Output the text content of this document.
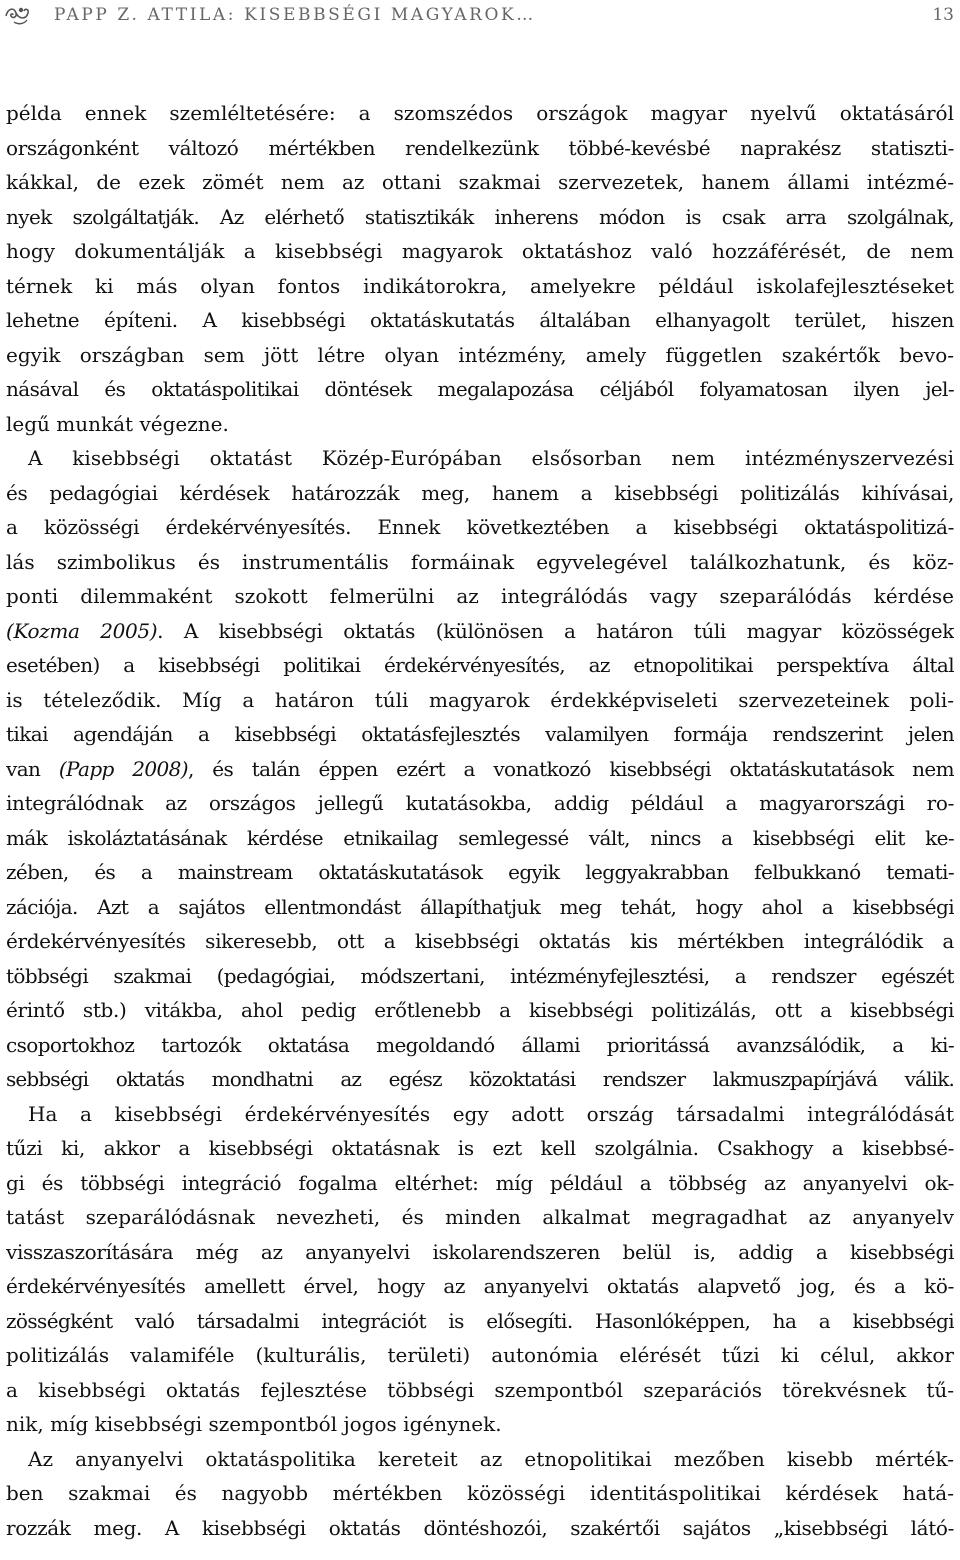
PAPP Z. ATTILA: KISEBBSÉGI MAGYAROK…	13
példa ennek szemléltetésére: a szomszédos országok magyar nyelvű oktatásáról
országonként változó mértékben rendelkezünk többé-kevésbé naprakész statiszti-
kákkal, de ezek zömét nem az ottani szakmai szervezetek, hanem állami intézmé-
nyek szolgáltatják. Az elérhető statisztikák inherens módon is csak arra szolgálnak,
hogy dokumentálják a kisebbségi magyarok oktatáshoz való hozzáférését, de nem
térnek ki más olyan fontos indikátorokra, amelyekre például iskolafejlesztéseket
lehetne építeni. A kisebbségi oktatáskutatás általában elhanyagolt terület, hiszen
egyik országban sem jött létre olyan intézmény, amely független szakértők bevo-
násával és oktatáspolitikai döntések megalapozása céljából folyamatosan ilyen jel-
legű munkát végezne.
A kisebbségi oktatást Közép-Európában elsősorban nem intézményszervezési
és pedagógiai kérdések határozzák meg, hanem a kisebbségi politizálás kihívásai,
a közösségi érdekérvényesítés. Ennek következtében a kisebbségi oktatáspolitizá-
lás szimbolikus és instrumentális formáinak egyvelegével találkozhatunk, és köz-
ponti dilemmaként szokott felmerülni az integrálódás vagy szeparálódás kérdése
(Kozma 2005). A kisebbségi oktatás (különösen a határon túli magyar közösségek
esetében) a kisebbségi politikai érdekérvényesítés, az etnopolitikai perspektíva által
is tételeződik. Míg a határon túli magyarok érdekképviseleti szervezeteinek poli-
tikai agendáján a kisebbségi oktatásfejlesztés valamilyen formája rendszerint jelen
van (Papp 2008), és talán éppen ezért a vonatkozó kisebbségi oktatáskutatások nem
integrálódnak az országos jellegű kutatásokba, addig például a magyarországi ro-
mák iskoláztatásának kérdése etnikailag semlegessé vált, nincs a kisebbségi elit ke-
zében, és a mainstream oktatáskutatások egyik leggyakrabban felbukkanó temati-
zációja. Azt a sajátos ellentmondást állapíthatjuk meg tehát, hogy ahol a kisebbségi
érdekérvényesítés sikeresebb, ott a kisebbségi oktatás kis mértékben integrálódik a
többségi szakmai (pedagógiai, módszertani, intézményfejlesztési, a rendszer egészét
érintő stb.) vitákba, ahol pedig erőtlenebb a kisebbségi politizálás, ott a kisebbségi
csoportokhoz tartozók oktatása megoldandó állami prioritássá avanzsálódik, a ki-
sebbségi oktatás mondhatni az egész közoktatási rendszer lakmuszpapírjává válik.
Ha a kisebbségi érdekérvényesítés egy adott ország társadalmi integrálódását
tűzi ki, akkor a kisebbségi oktatásnak is ezt kell szolgálnia. Csakhogy a kisebbsé-
gi és többségi integráció fogalma eltérhet: míg például a többség az anyanyelvi ok-
tatást szeparálódásnak nevezheti, és minden alkalmat megragadhat az anyanyelv
visszaszorítására még az anyanyelvi iskolarendszeren belül is, addig a kisebbségi
érdekérvényesítés amellett érvel, hogy az anyanyelvi oktatás alapvető jog, és a kö-
zösségként való társadalmi integrációt is elősegíti. Hasonlóképpen, ha a kisebbségi
politizálás valamiféle (kulturális, területi) autonómia elérését tűzi ki célul, akkor
a kisebbségi oktatás fejlesztése többségi szempontból szeparációs törekvésnek tű-
nik, míg kisebbségi szempontból jogos igénynek.
Az anyanyelvi oktatáspolitika kereteit az etnopolitikai mezőben kisebb mérték-
ben szakmai és nagyobb mértékben közösségi identitáspolitikai kérdések hatá-
rozzák meg. A kisebbségi oktatás döntéshozói, szakértői sajátos „kisebbségi látó-
